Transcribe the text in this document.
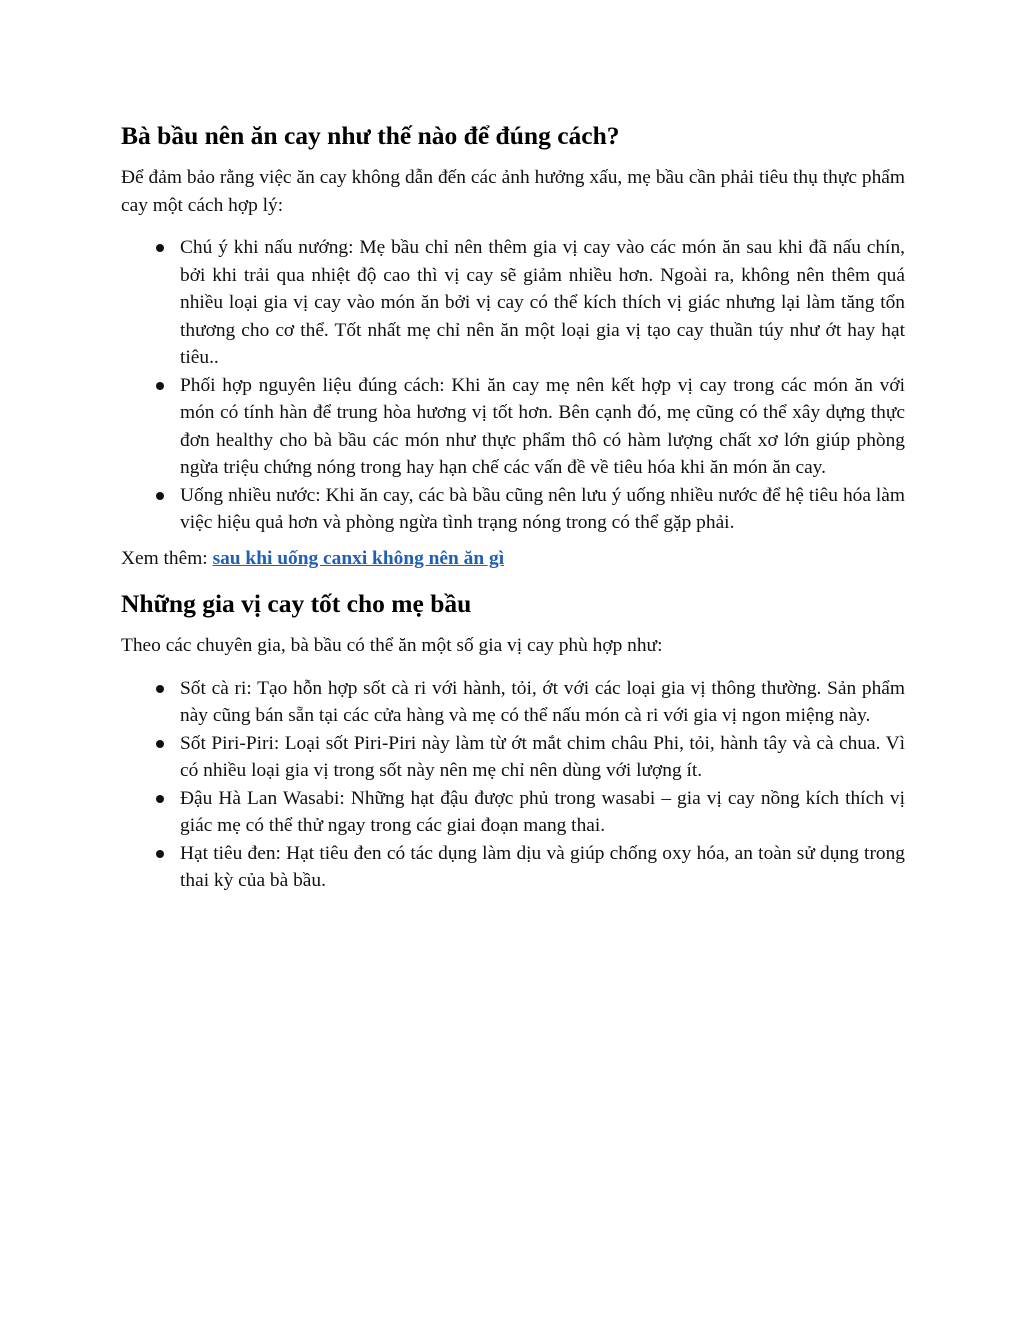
Bà bầu nên ăn cay như thế nào để đúng cách?

Để đảm bảo rằng việc ăn cay không dẫn đến các ảnh hưởng xấu, mẹ bầu cần phải tiêu thụ thực phẩm cay một cách hợp lý:

Chú ý khi nấu nướng: Mẹ bầu chỉ nên thêm gia vị cay vào các món ăn sau khi đã nấu chín, bởi khi trải qua nhiệt độ cao thì vị cay sẽ giảm nhiều hơn. Ngoài ra, không nên thêm quá nhiều loại gia vị cay vào món ăn bởi vị cay có thể kích thích vị giác nhưng lại làm tăng tổn thương cho cơ thể. Tốt nhất mẹ chỉ nên ăn một loại gia vị tạo cay thuần túy như ớt hay hạt tiêu..
Phối hợp nguyên liệu đúng cách: Khi ăn cay mẹ nên kết hợp vị cay trong các món ăn với món có tính hàn để trung hòa hương vị tốt hơn. Bên cạnh đó, mẹ cũng có thể xây dựng thực đơn healthy cho bà bầu các món như thực phẩm thô có hàm lượng chất xơ lớn giúp phòng ngừa triệu chứng nóng trong hay hạn chế các vấn đề về tiêu hóa khi ăn món ăn cay.
Uống nhiều nước: Khi ăn cay, các bà bầu cũng nên lưu ý uống nhiều nước để hệ tiêu hóa làm việc hiệu quả hơn và phòng ngừa tình trạng nóng trong có thể gặp phải.

Xem thêm: sau khi uống canxi không nên ăn gì

Những gia vị cay tốt cho mẹ bầu

Theo các chuyên gia, bà bầu có thể ăn một số gia vị cay phù hợp như:

Sốt cà ri: Tạo hỗn hợp sốt cà ri với hành, tỏi, ớt với các loại gia vị thông thường. Sản phẩm này cũng bán sẵn tại các cửa hàng và mẹ có thể nấu món cà ri với gia vị ngon miệng này.
Sốt Piri-Piri: Loại sốt Piri-Piri này làm từ ớt mắt chim châu Phi, tỏi, hành tây và cà chua. Vì có nhiều loại gia vị trong sốt này nên mẹ chỉ nên dùng với lượng ít.
Đậu Hà Lan Wasabi: Những hạt đậu được phủ trong wasabi – gia vị cay nồng kích thích vị giác mẹ có thể thử ngay trong các giai đoạn mang thai.
Hạt tiêu đen: Hạt tiêu đen có tác dụng làm dịu và giúp chống oxy hóa, an toàn sử dụng trong thai kỳ của bà bầu.
